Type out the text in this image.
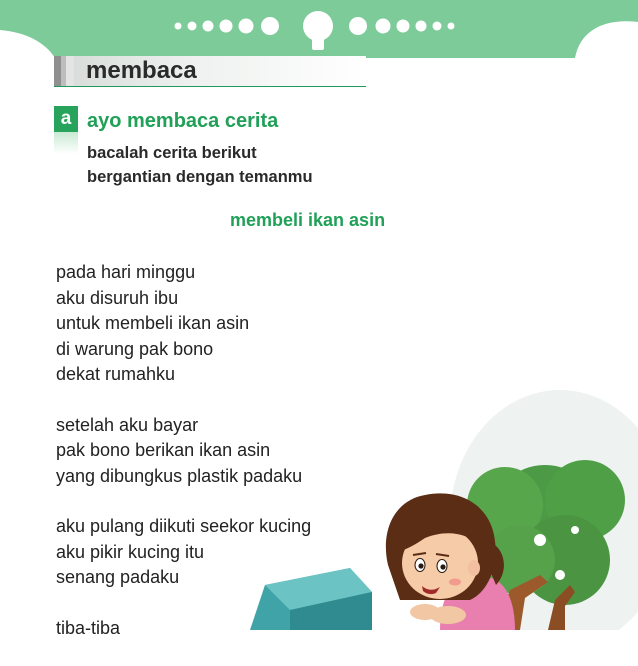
membaca
a ayo membaca cerita
bacalah cerita berikut
bergantian dengan temanmu
membeli ikan asin
pada hari minggu
aku disuruh ibu
untuk membeli ikan asin
di warung pak bono
dekat rumahku
setelah aku bayar
pak bono berikan ikan asin
yang dibungkus plastik padaku
aku pulang diikuti seekor kucing
aku pikir kucing itu
senang padaku
tiba-tiba
